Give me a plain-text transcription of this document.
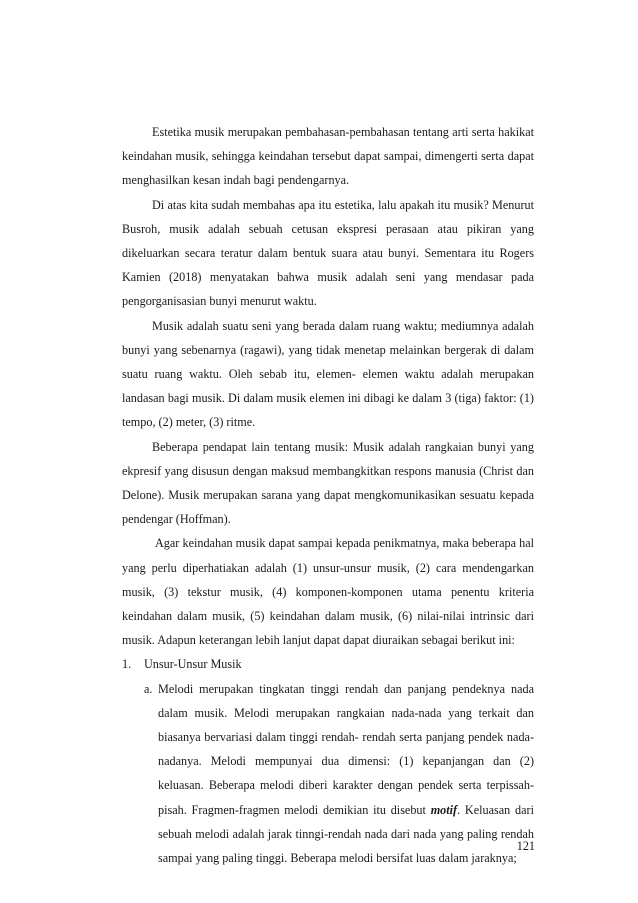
Estetika musik merupakan pembahasan-pembahasan tentang arti serta hakikat keindahan musik, sehingga keindahan tersebut dapat sampai, dimengerti serta dapat menghasilkan kesan indah bagi pendengarnya.

Di atas kita sudah membahas apa itu estetika, lalu apakah itu musik? Menurut Busroh, musik adalah sebuah cetusan ekspresi perasaan atau pikiran yang dikeluarkan secara teratur dalam bentuk suara atau bunyi. Sementara itu Rogers Kamien (2018) menyatakan bahwa musik adalah seni yang mendasar pada pengorganisasian bunyi menurut waktu.

Musik adalah suatu seni yang berada dalam ruang waktu; mediumnya adalah bunyi yang sebenarnya (ragawi), yang tidak menetap melainkan bergerak di dalam suatu ruang waktu. Oleh sebab itu, elemen- elemen waktu adalah merupakan landasan bagi musik. Di dalam musik elemen ini dibagi ke dalam 3 (tiga) faktor: (1) tempo, (2) meter, (3) ritme.

Beberapa pendapat lain tentang musik: Musik adalah rangkaian bunyi yang ekpresif yang disusun dengan maksud membangkitkan respons manusia (Christ dan Delone). Musik merupakan sarana yang dapat mengkomunikasikan sesuatu kepada pendengar (Hoffman).

Agar keindahan musik dapat sampai kepada penikmatnya, maka beberapa hal yang perlu diperhatiakan adalah (1) unsur-unsur musik, (2) cara mendengarkan musik, (3) tekstur musik, (4) komponen-komponen utama penentu kriteria keindahan dalam musik, (5) keindahan dalam musik, (6) nilai-nilai intrinsic dari musik. Adapun keterangan lebih lanjut dapat dapat diuraikan sebagai berikut ini:

1. Unsur-Unsur Musik

a. Melodi merupakan tingkatan tinggi rendah dan panjang pendeknya nada dalam musik. Melodi merupakan rangkaian nada-nada yang terkait dan biasanya bervariasi dalam tinggi rendah- rendah serta panjang pendek nada-nadanya. Melodi mempunyai dua dimensi: (1) kepanjangan dan (2) keluasan. Beberapa melodi diberi karakter dengan pendek serta terpissah-pisah. Fragmen-fragmen melodi demikian itu disebut motif. Keluasan dari sebuah melodi adalah jarak tinngi-rendah nada dari nada yang paling rendah sampai yang paling tinggi. Beberapa melodi bersifat luas dalam jaraknya;

121
